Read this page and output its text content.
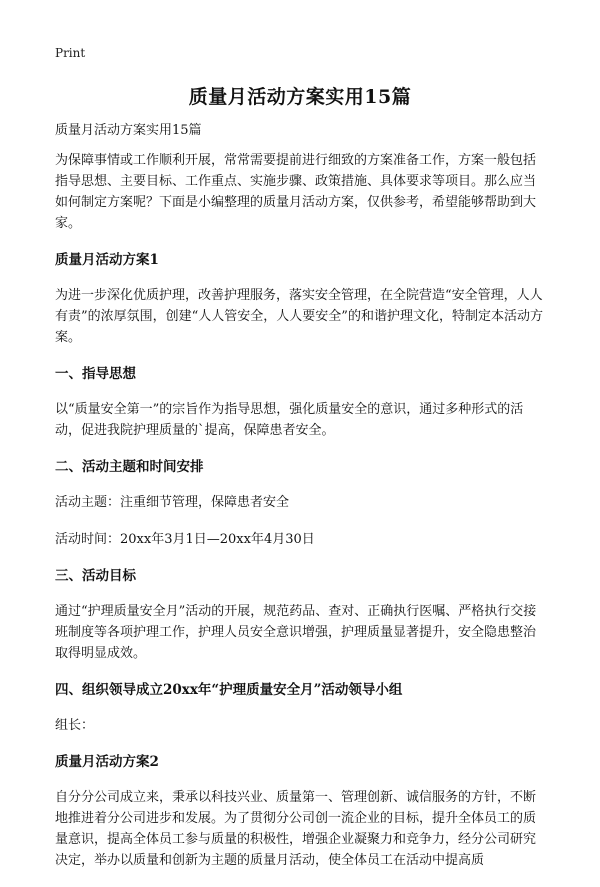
Print
质量月活动方案实用15篇

质量月活动方案实用15篇

为保障事情或工作顺利开展，常常需要提前进行细致的方案准备工作，方案一般包括指导思想、主要目标、工作重点、实施步骤、政策措施、具体要求等项目。那么应当如何制定方案呢？下面是小编整理的质量月活动方案，仅供参考，希望能够帮助到大家。

质量月活动方案1

为进一步深化优质护理，改善护理服务，落实安全管理，在全院营造“安全管理，人人有责”的浓厚氛围，创建“人人管安全，人人要安全”的和谐护理文化，特制定本活动方案。

一、指导思想

以“质量安全第一”的宗旨作为指导思想，强化质量安全的意识，通过多种形式的活动，促进我院护理质量的`提高，保障患者安全。

二、活动主题和时间安排

活动主题：注重细节管理，保障患者安全

活动时间：20xx年3月1日—20xx年4月30日

三、活动目标

通过“护理质量安全月”活动的开展，规范药品、查对、正确执行医嘱、严格执行交接班制度等各项护理工作，护理人员安全意识增强，护理质量显著提升，安全隐患整治取得明显成效。

四、组织领导成立20xx年“护理质量安全月”活动领导小组

组长：

质量月活动方案2

自分分公司成立来，秉承以科技兴业、质量第一、管理创新、诚信服务的方针，不断地推进着分公司进步和发展。为了贯彻分公司创一流企业的目标，提升全体员工的质量意识，提高全体员工参与质量的积极性，增强企业凝聚力和竞争力，经分公司研究决定，举办以质量和创新为主题的质量月活动，使全体员工在活动中提高质
